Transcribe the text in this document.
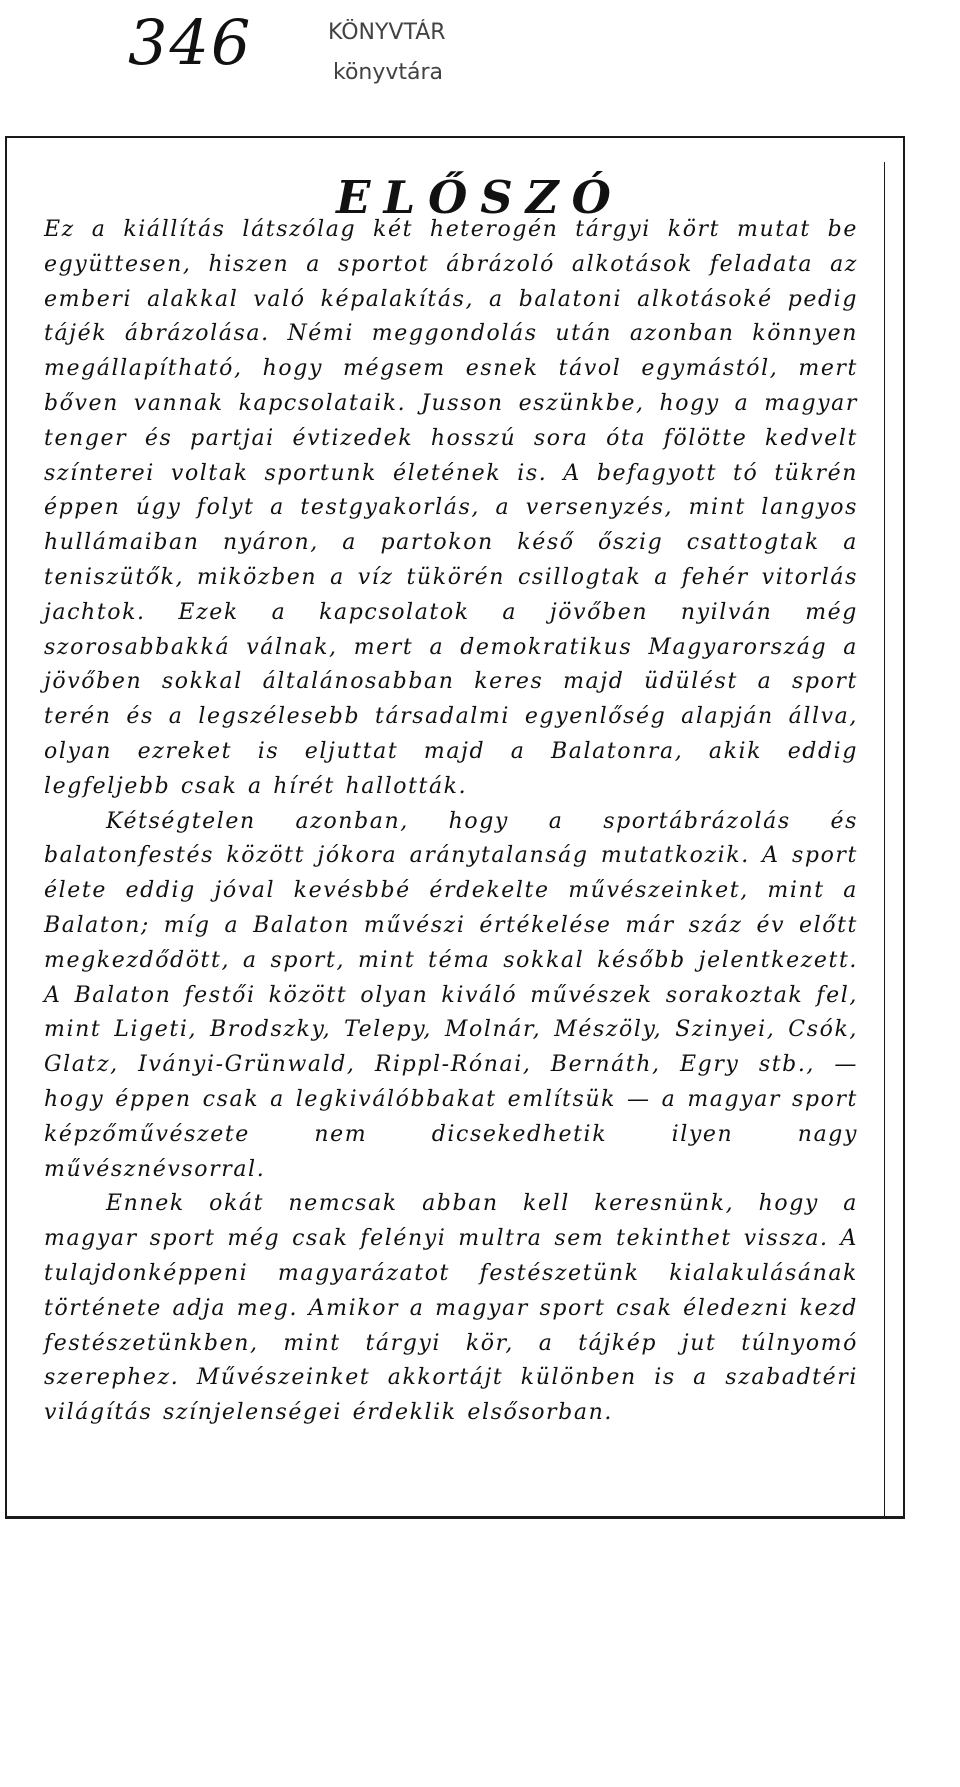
346	KÖNYVTÁR
könyvtára
ELŐSZÓ

Ez a kiállítás látszólag két heterogén tárgyi kört mutat be együttesen, hiszen a sportot ábrázoló alkotások feladata az emberi alakkal való képalakítás, a balatoni alkotásoké pedig tájék ábrázolása. Némi meggondolás után azonban könnyen megállapítható, hogy mégsem esnek távol egymástól, mert bőven vannak kapcsolataik. Jusson eszünkbe, hogy a magyar tenger és partjai évtizedek hosszú sora óta fölötte kedvelt színterei voltak sportunk életének is. A befagyott tó tükrén éppen úgy folyt a testgyakorlás, a versenyzés, mint langyos hullámaiban nyáron, a partokon késő őszig csattogtak a teniszütők, miközben a víz tükörén csillogtak a fehér vitorlás jachtok. Ezek a kapcsolatok a jövőben nyilván még szorosabbakká válnak, mert a demokratikus Magyarország a jövőben sokkal általánosabban keres majd üdülést a sport terén és a legszélesebb társadalmi egyenlőség alapján állva, olyan ezreket is eljuttat majd a Balatonra, akik eddig legfeljebb csak a hírét hallották.

Kétségtelen azonban, hogy a sportábrázolás és balatonfestés között jókora aránytalanság mutatkozik. A sport élete eddig jóval kevésbbé érdekelte művészeinket, mint a Balaton; míg a Balaton művészi értékelése már száz év előtt megkezdődött, a sport, mint téma sokkal később jelentkezett. A Balaton festői között olyan kiváló művészek sorakoztak fel, mint Ligeti, Brodszky, Telepy, Molnár, Mészöly, Szinyei, Csók, Glatz, Iványi-Grünwald, Rippl-Rónai, Bernáth, Egry stb., — hogy éppen csak a legkiválóbbakat említsük — a magyar sport képzőművészete nem dicsekedhetik ilyen nagy művésznévsorral.

Ennek okát nemcsak abban kell keresnünk, hogy a magyar sport még csak felényi multra sem tekinthet vissza. A tulajdonképpeni magyarázatot festészetünk kialakulásának története adja meg. Amikor a magyar sport csak éledezni kezd festészetünkben, mint tárgyi kör, a tájkép jut túlnyomó szerephez. Művészeinket akkortájt különben is a szabadtéri világítás színjelenségei érdeklik elsősorban.
